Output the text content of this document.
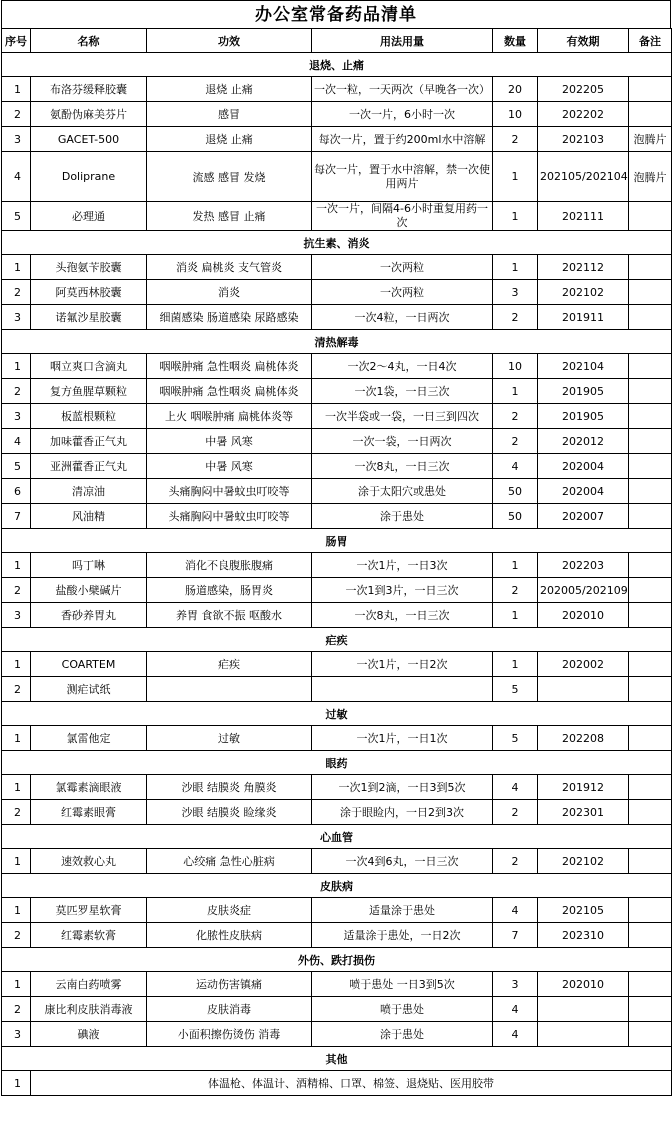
办公室常备药品清单
序号	名称	功效	用法用量	数量	有效期	备注
退烧、止痛						
1	布洛芬缓释胶囊	退烧 止痛	一次一粒，一天两次（早晚各一次）	20	202205	
2	氨酚伪麻美芬片	感冒	一次一片，6小时一次	10	202202	
3	GACET-500	退烧 止痛	每次一片，置于约200ml水中溶解	2	202103	泡腾片
4	Doliprane	流感 感冒 发烧	每次一片，置于水中溶解，禁一次使用两片	1	202105/202104	泡腾片
5	必理通	发热 感冒 止痛	一次一片，间隔4-6小时重复用药一次	1	202111	
抗生素、消炎						
1	头孢氨苄胶囊	消炎 扁桃炎 支气管炎	一次两粒	1	202112	
2	阿莫西林胶囊	消炎	一次两粒	3	202102	
3	诺氟沙星胶囊	细菌感染 肠道感染 尿路感染	一次4粒，一日两次	2	201911	
清热解毒						
1	咽立爽口含滴丸	咽喉肿痛 急性咽炎 扁桃体炎	一次2～4丸，一日4次	10	202104	
2	复方鱼腥草颗粒	咽喉肿痛 急性咽炎 扁桃体炎	一次1袋，一日三次	1	201905	
3	板蓝根颗粒	上火 咽喉肿痛 扁桃体炎等	一次半袋或一袋，一日三到四次	2	201905	
4	加味藿香正气丸	中暑 风寒	一次一袋，一日两次	2	202012	
5	亚洲藿香正气丸	中暑 风寒	一次8丸，一日三次	4	202004	
6	清凉油	头痛胸闷中暑蚊虫叮咬等	涂于太阳穴或患处	50	202004	
7	风油精	头痛胸闷中暑蚊虫叮咬等	涂于患处	50	202007	
肠胃						
1	吗丁啉	消化不良腹胀腹痛	一次1片，一日3次	1	202203	
2	盐酸小檗碱片	肠道感染，肠胃炎	一次1到3片，一日三次	2	202005/202109	
3	香砂养胃丸	养胃 食欲不振 呕酸水	一次8丸，一日三次	1	202010	
疟疾						
1	COARTEM	疟疾	一次1片，一日2次	1	202002	
2	测疟试纸			5		
过敏						
1	氯雷他定	过敏	一次1片，一日1次	5	202208	
眼药						
1	氯霉素滴眼液	沙眼 结膜炎 角膜炎	一次1到2滴，一日3到5次	4	201912	
2	红霉素眼膏	沙眼 结膜炎 睑缘炎	涂于眼睑内，一日2到3次	2	202301	
心血管						
1	速效救心丸	心绞痛 急性心脏病	一次4到6丸，一日三次	2	202102	
皮肤病						
1	莫匹罗星软膏	皮肤炎症	适量涂于患处	4	202105	
2	红霉素软膏	化脓性皮肤病	适量涂于患处，一日2次	7	202310	
外伤、跌打损伤						
1	云南白药喷雾	运动伤害镇痛	喷于患处 一日3到5次	3	202010	
2	康比利皮肤消毒液	皮肤消毒	喷于患处	4		
3	碘液	小面积擦伤烫伤 消毒	涂于患处	4		
其他						
1	体温枪、体温计、酒精棉、口罩、棉签、退烧贴、医用胶带					
